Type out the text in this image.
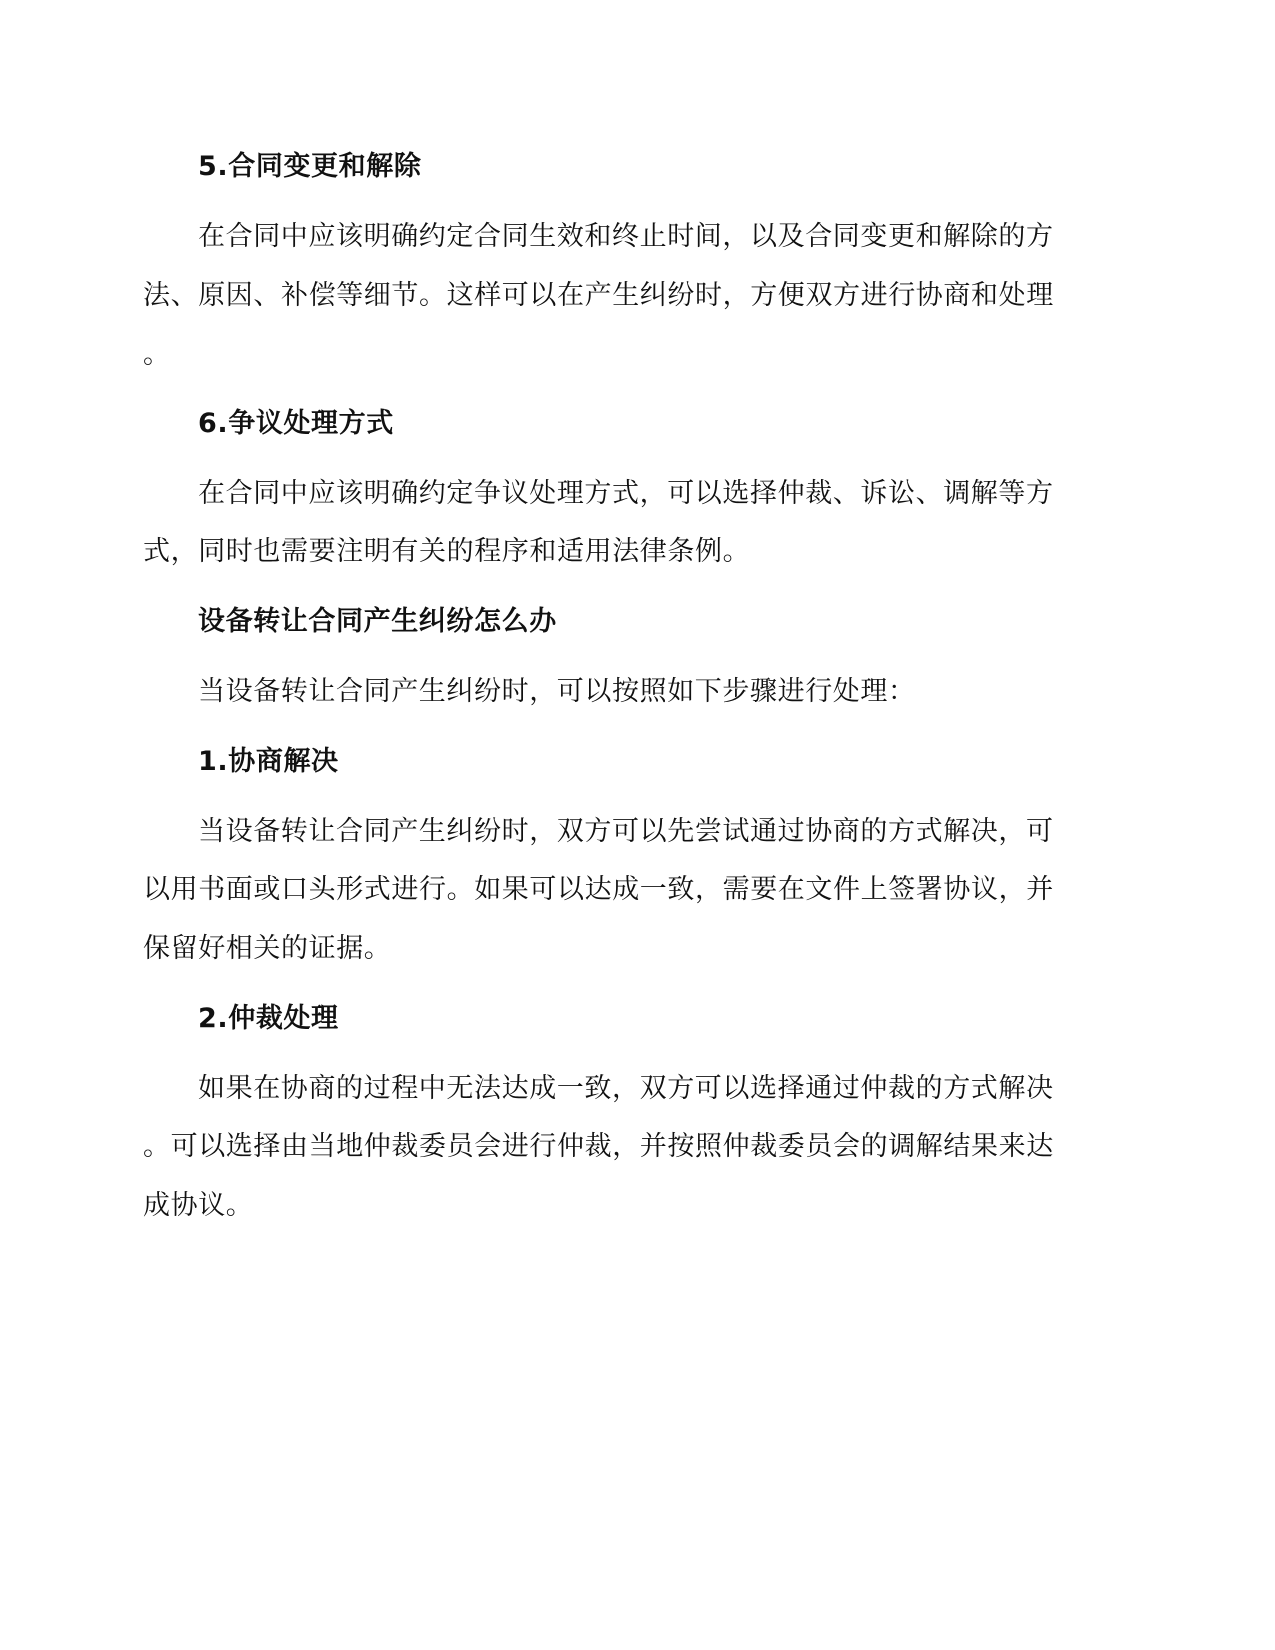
5.合同变更和解除
在合同中应该明确约定合同生效和终止时间，以及合同变更和解除的方
法、原因、补偿等细节。这样可以在产生纠纷时，方便双方进行协商和处理
。
6.争议处理方式
在合同中应该明确约定争议处理方式，可以选择仲裁、诉讼、调解等方
式，同时也需要注明有关的程序和适用法律条例。
设备转让合同产生纠纷怎么办
当设备转让合同产生纠纷时，可以按照如下步骤进行处理：
1.协商解决
当设备转让合同产生纠纷时，双方可以先尝试通过协商的方式解决，可
以用书面或口头形式进行。如果可以达成一致，需要在文件上签署协议，并
保留好相关的证据。
2.仲裁处理
如果在协商的过程中无法达成一致，双方可以选择通过仲裁的方式解决
。可以选择由当地仲裁委员会进行仲裁，并按照仲裁委员会的调解结果来达
成协议。
